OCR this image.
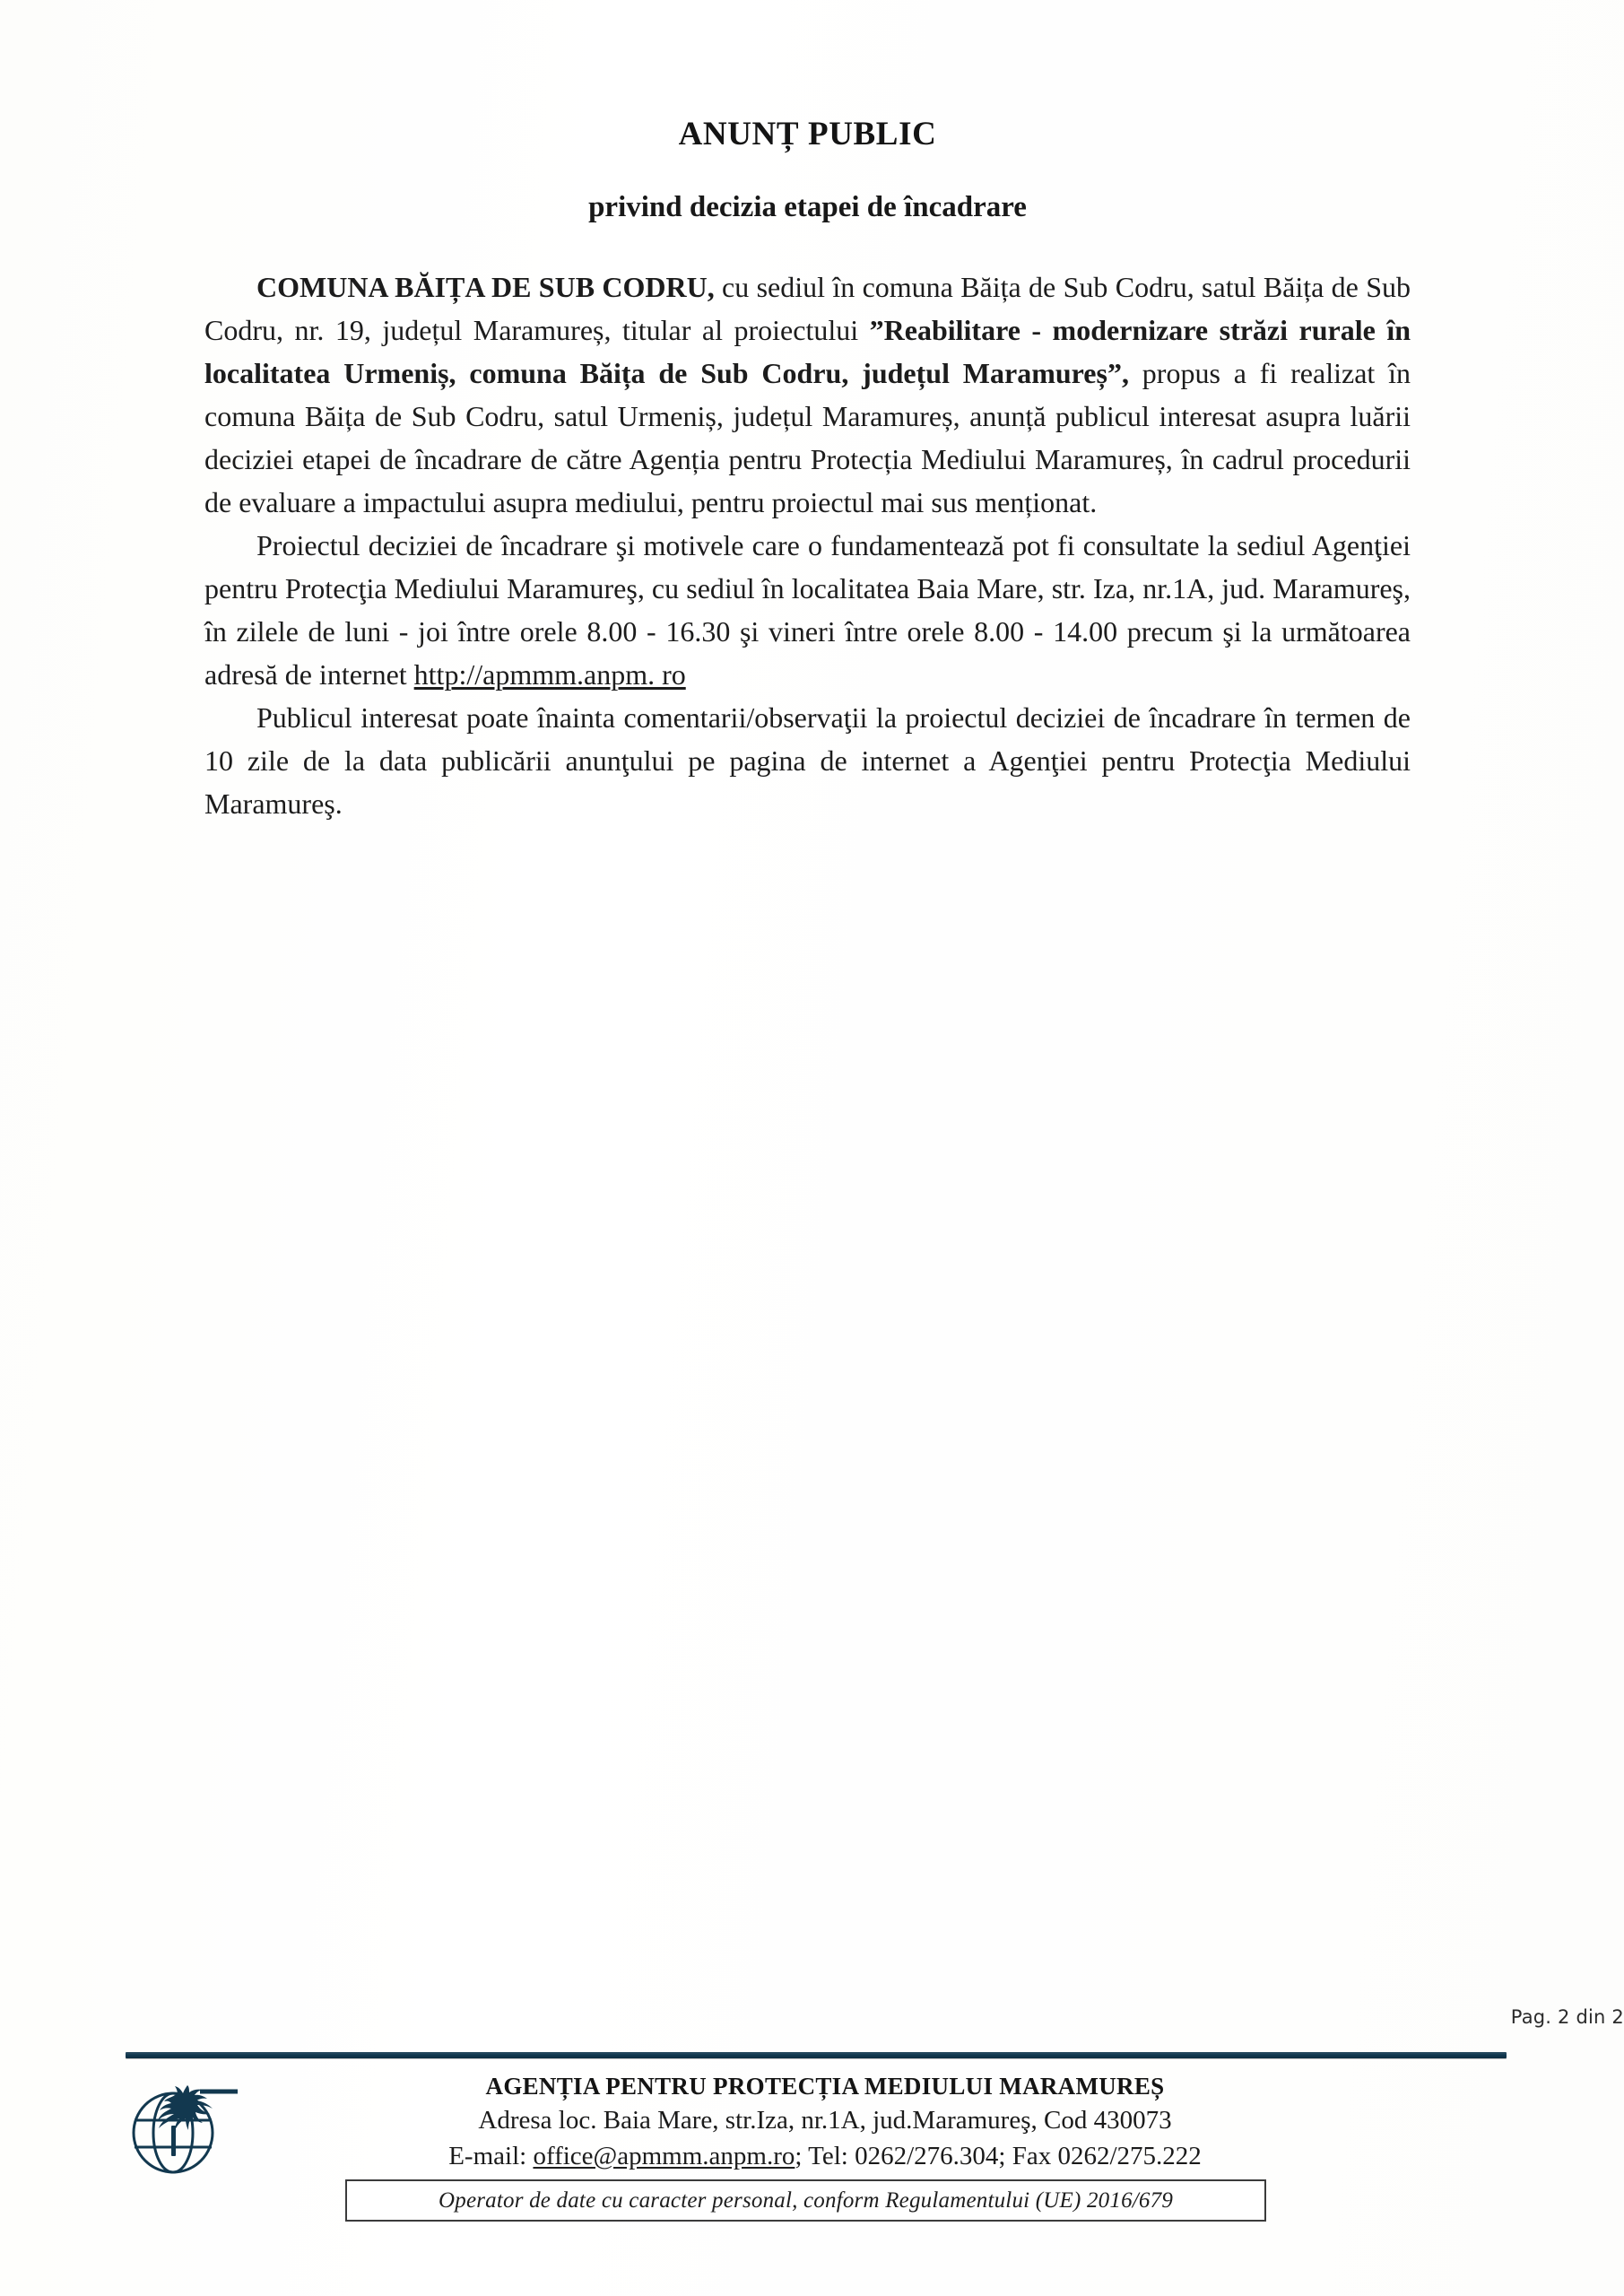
ANUNȚ PUBLIC
privind decizia etapei de încadrare

COMUNA BĂIȚA DE SUB CODRU, cu sediul în comuna Băița de Sub Codru, satul Băița de Sub Codru, nr. 19, județul Maramureș, titular al proiectului ”Reabilitare - modernizare străzi rurale în localitatea Urmeniș, comuna Băița de Sub Codru, județul Maramureș”, propus a fi realizat în comuna Băița de Sub Codru, satul Urmeniș, județul Maramureș, anunță publicul interesat asupra luării deciziei etapei de încadrare de către Agenția pentru Protecția Mediului Maramureș, în cadrul procedurii de evaluare a impactului asupra mediului, pentru proiectul mai sus menționat.

Proiectul deciziei de încadrare şi motivele care o fundamentează pot fi consultate la sediul Agenţiei pentru Protecţia Mediului Maramureş, cu sediul în localitatea Baia Mare, str. Iza, nr.1A, jud. Maramureş, în zilele de luni - joi între orele 8.00 - 16.30 şi vineri între orele 8.00 - 14.00 precum şi la următoarea adresă de internet http://apmmm.anpm. ro

Publicul interesat poate înainta comentarii/observaţii la proiectul deciziei de încadrare în termen de 10 zile de la data publicării anunţului pe pagina de internet a Agenţiei pentru Protecţia Mediului Maramureş.

Pag. 2 din 2
AGENȚIA PENTRU PROTECȚIA MEDIULUI MARAMUREȘ
Adresa loc. Baia Mare, str.Iza, nr.1A, jud.Maramureş, Cod 430073
E-mail: office@apmmm.anpm.ro; Tel: 0262/276.304; Fax 0262/275.222
Operator de date cu caracter personal, conform Regulamentului (UE) 2016/679
